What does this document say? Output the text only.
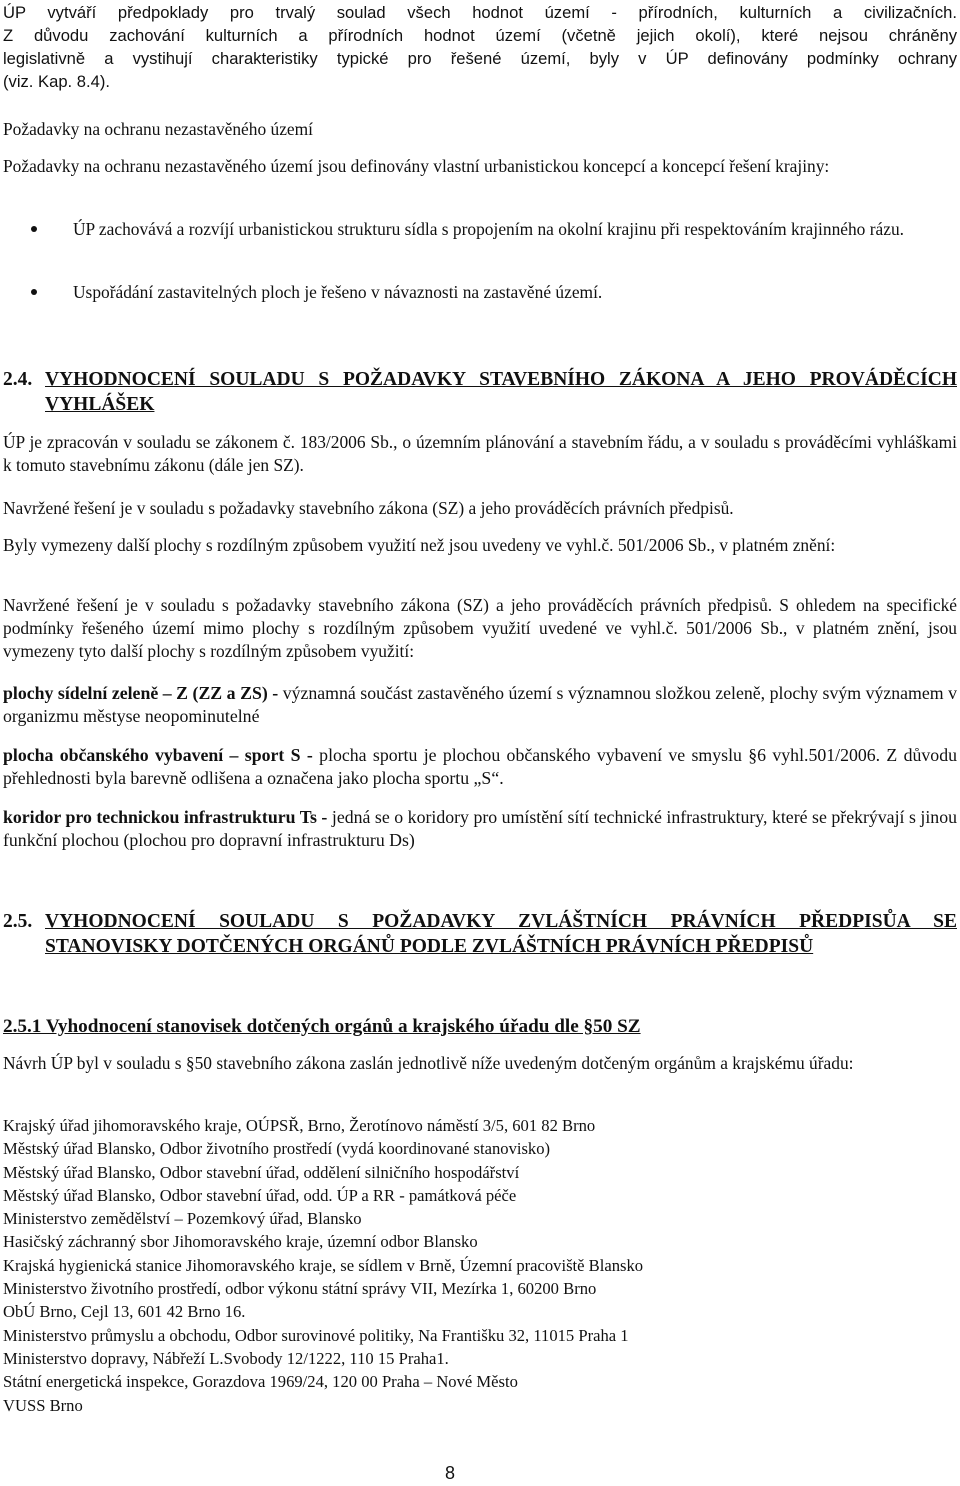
ÚP vytváří předpoklady pro trvalý soulad všech hodnot území - přírodních, kulturních a civilizačních.
Z důvodu zachování kulturních a přírodních hodnot území (včetně jejich okolí), které nejsou chráněny
legislativně a vystihují charakteristiky typické pro řešené území, byly v ÚP definovány podmínky ochrany
(viz. Kap. 8.4).
Požadavky na ochranu nezastavěného území
Požadavky na ochranu nezastavěného území jsou definovány vlastní urbanistickou koncepcí a koncepcí řešení krajiny:
ÚP zachovává a rozvíjí urbanistickou strukturu sídla s propojením na okolní krajinu při respektováním krajinného rázu.
Uspořádání zastavitelných ploch je řešeno v návaznosti na zastavěné území.
2.4. VYHODNOCENÍ SOULADU S POŽADAVKY STAVEBNÍHO ZÁKONA A JEHO PROVÁDĚCÍCH VYHLÁŠEK
ÚP je zpracován v souladu se zákonem č. 183/2006 Sb., o územním plánování a stavebním řádu, a v souladu s prováděcími vyhláškami k tomuto stavebnímu zákonu (dále jen SZ).
Navržené řešení je v souladu s požadavky stavebního zákona (SZ) a jeho prováděcích právních předpisů.
Byly vymezeny další plochy s rozdílným způsobem využití než jsou uvedeny ve vyhl.č. 501/2006 Sb., v platném znění:
Navržené řešení je v souladu s požadavky stavebního zákona (SZ) a jeho prováděcích právních předpisů. S ohledem na specifické podmínky řešeného území mimo plochy s rozdílným způsobem využití uvedené ve vyhl.č. 501/2006 Sb., v platném znění, jsou vymezeny tyto další plochy s rozdílným způsobem využití:
plochy sídelní zeleně – Z (ZZ a ZS) - významná součást zastavěného území s významnou složkou zeleně, plochy svým významem v organizmu městyse neopominutelné
plocha občanského vybavení – sport S - plocha sportu je plochou občanského vybavení ve smyslu §6 vyhl.501/2006. Z důvodu přehlednosti byla barevně odlišena a označena jako plocha sportu „S“.
koridor pro technickou infrastrukturu Ts - jedná se o koridory pro umístění sítí technické infrastruktury, které se překrývají s jinou funkční plochou (plochou pro dopravní infrastrukturu Ds)
2.5. VYHODNOCENÍ SOULADU S POŽADAVKY ZVLÁŠTNÍCH PRÁVNÍCH PŘEDPISŮA SE STANOVISKY DOTČENÝCH ORGÁNŮ PODLE ZVLÁŠTNÍCH PRÁVNÍCH PŘEDPISŮ
2.5.1 Vyhodnocení stanovisek dotčených orgánů a krajského úřadu dle §50 SZ
Návrh ÚP byl v souladu s §50 stavebního zákona zaslán jednotlivě níže uvedeným dotčeným orgánům a krajskému úřadu:
Krajský úřad jihomoravského kraje, OÚPSŘ, Brno, Žerotínovo náměstí 3/5, 601 82 Brno
Městský úřad Blansko, Odbor životního prostředí (vydá koordinované stanovisko)
Městský úřad Blansko, Odbor stavební úřad, oddělení silničního hospodářství
Městský úřad Blansko, Odbor stavební úřad, odd. ÚP a RR - památková péče
Ministerstvo zemědělství – Pozemkový úřad, Blansko
Hasičský záchranný sbor Jihomoravského kraje, územní odbor Blansko
Krajská hygienická stanice Jihomoravského kraje, se sídlem v Brně, Územní pracoviště Blansko
Ministerstvo životního prostředí, odbor výkonu státní správy VII, Mezírka 1, 60200 Brno
ObÚ Brno, Cejl 13, 601 42 Brno 16.
Ministerstvo průmyslu a obchodu, Odbor surovinové politiky, Na Františku 32, 11015 Praha 1
Ministerstvo dopravy, Nábřeží L.Svobody 12/1222, 110 15 Praha1.
Státní energetická inspekce, Gorazdova 1969/24, 120 00 Praha – Nové Město
VUSS Brno
8
